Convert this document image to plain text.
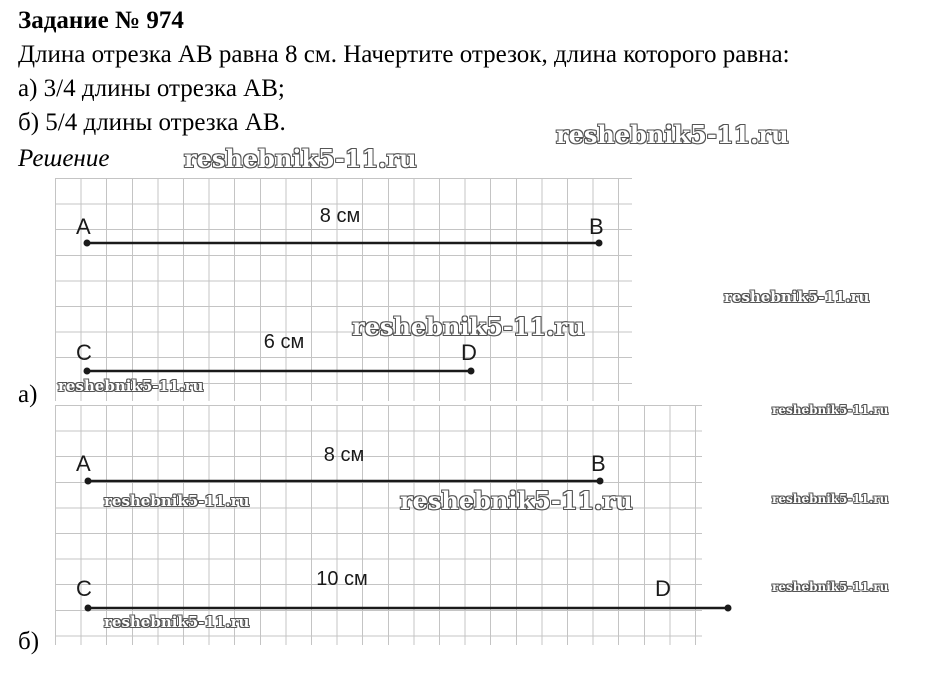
Задание № 974
Длина отрезка АВ равна 8 см. Начертите отрезок, длина которого равна:
а) 3/4 длины отрезка АВ;
б) 5/4 длины отрезка АВ.
Решение
а)
б)
A	B
8 см
C	D
6 см
A	B
8 см
C	D
10 см
reshebnik5-11.ru
reshebnik5-11.ru
reshebnik5-11.ru
reshebnik5-11.ru
reshebnik5-11.ru
reshebnik5-11.ru
reshebnik5-11.ru	reshebnik5-11.ru	reshebnik5-11.ru
reshebnik5-11.ru
reshebnik5-11.ru
